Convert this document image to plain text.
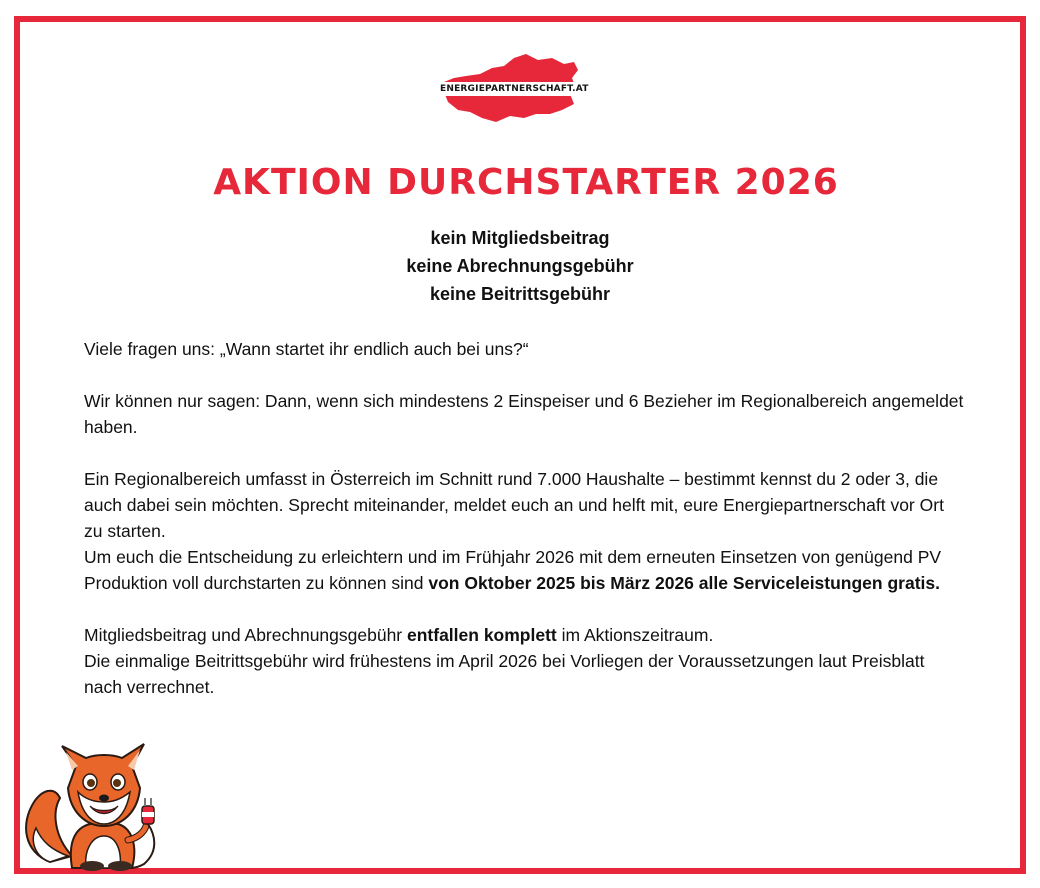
AKTION DURCHSTARTER 2026
ENERGIEPARTNERSCHAFT.AT
kein Mitgliedsbeitrag
keine Abrechnungsgebühr
keine Beitrittsgebühr

Viele fragen uns: „Wann startet ihr endlich auch bei uns?“

Wir können nur sagen: Dann, wenn sich mindestens 2 Einspeiser und 6 Bezieher im Regionalbereich angemeldet haben.

Ein Regionalbereich umfasst in Österreich im Schnitt rund 7.000 Haushalte – bestimmt kennst du 2 oder 3, die auch dabei sein möchten. Sprecht miteinander, meldet euch an und helft mit, eure Energiepartnerschaft vor Ort zu starten.

Um euch die Entscheidung zu erleichtern und im Frühjahr 2026 mit dem erneuten Einsetzen von genügend PV Produktion voll durchstarten zu können sind von Oktober 2025 bis März 2026 alle Serviceleistungen gratis.

Mitgliedsbeitrag und Abrechnungsgebühr entfallen komplett im Aktionszeitraum.

Die einmalige Beitrittsgebühr wird frühestens im April 2026 bei Vorliegen der Voraussetzungen laut Preisblatt nach verrechnet.
